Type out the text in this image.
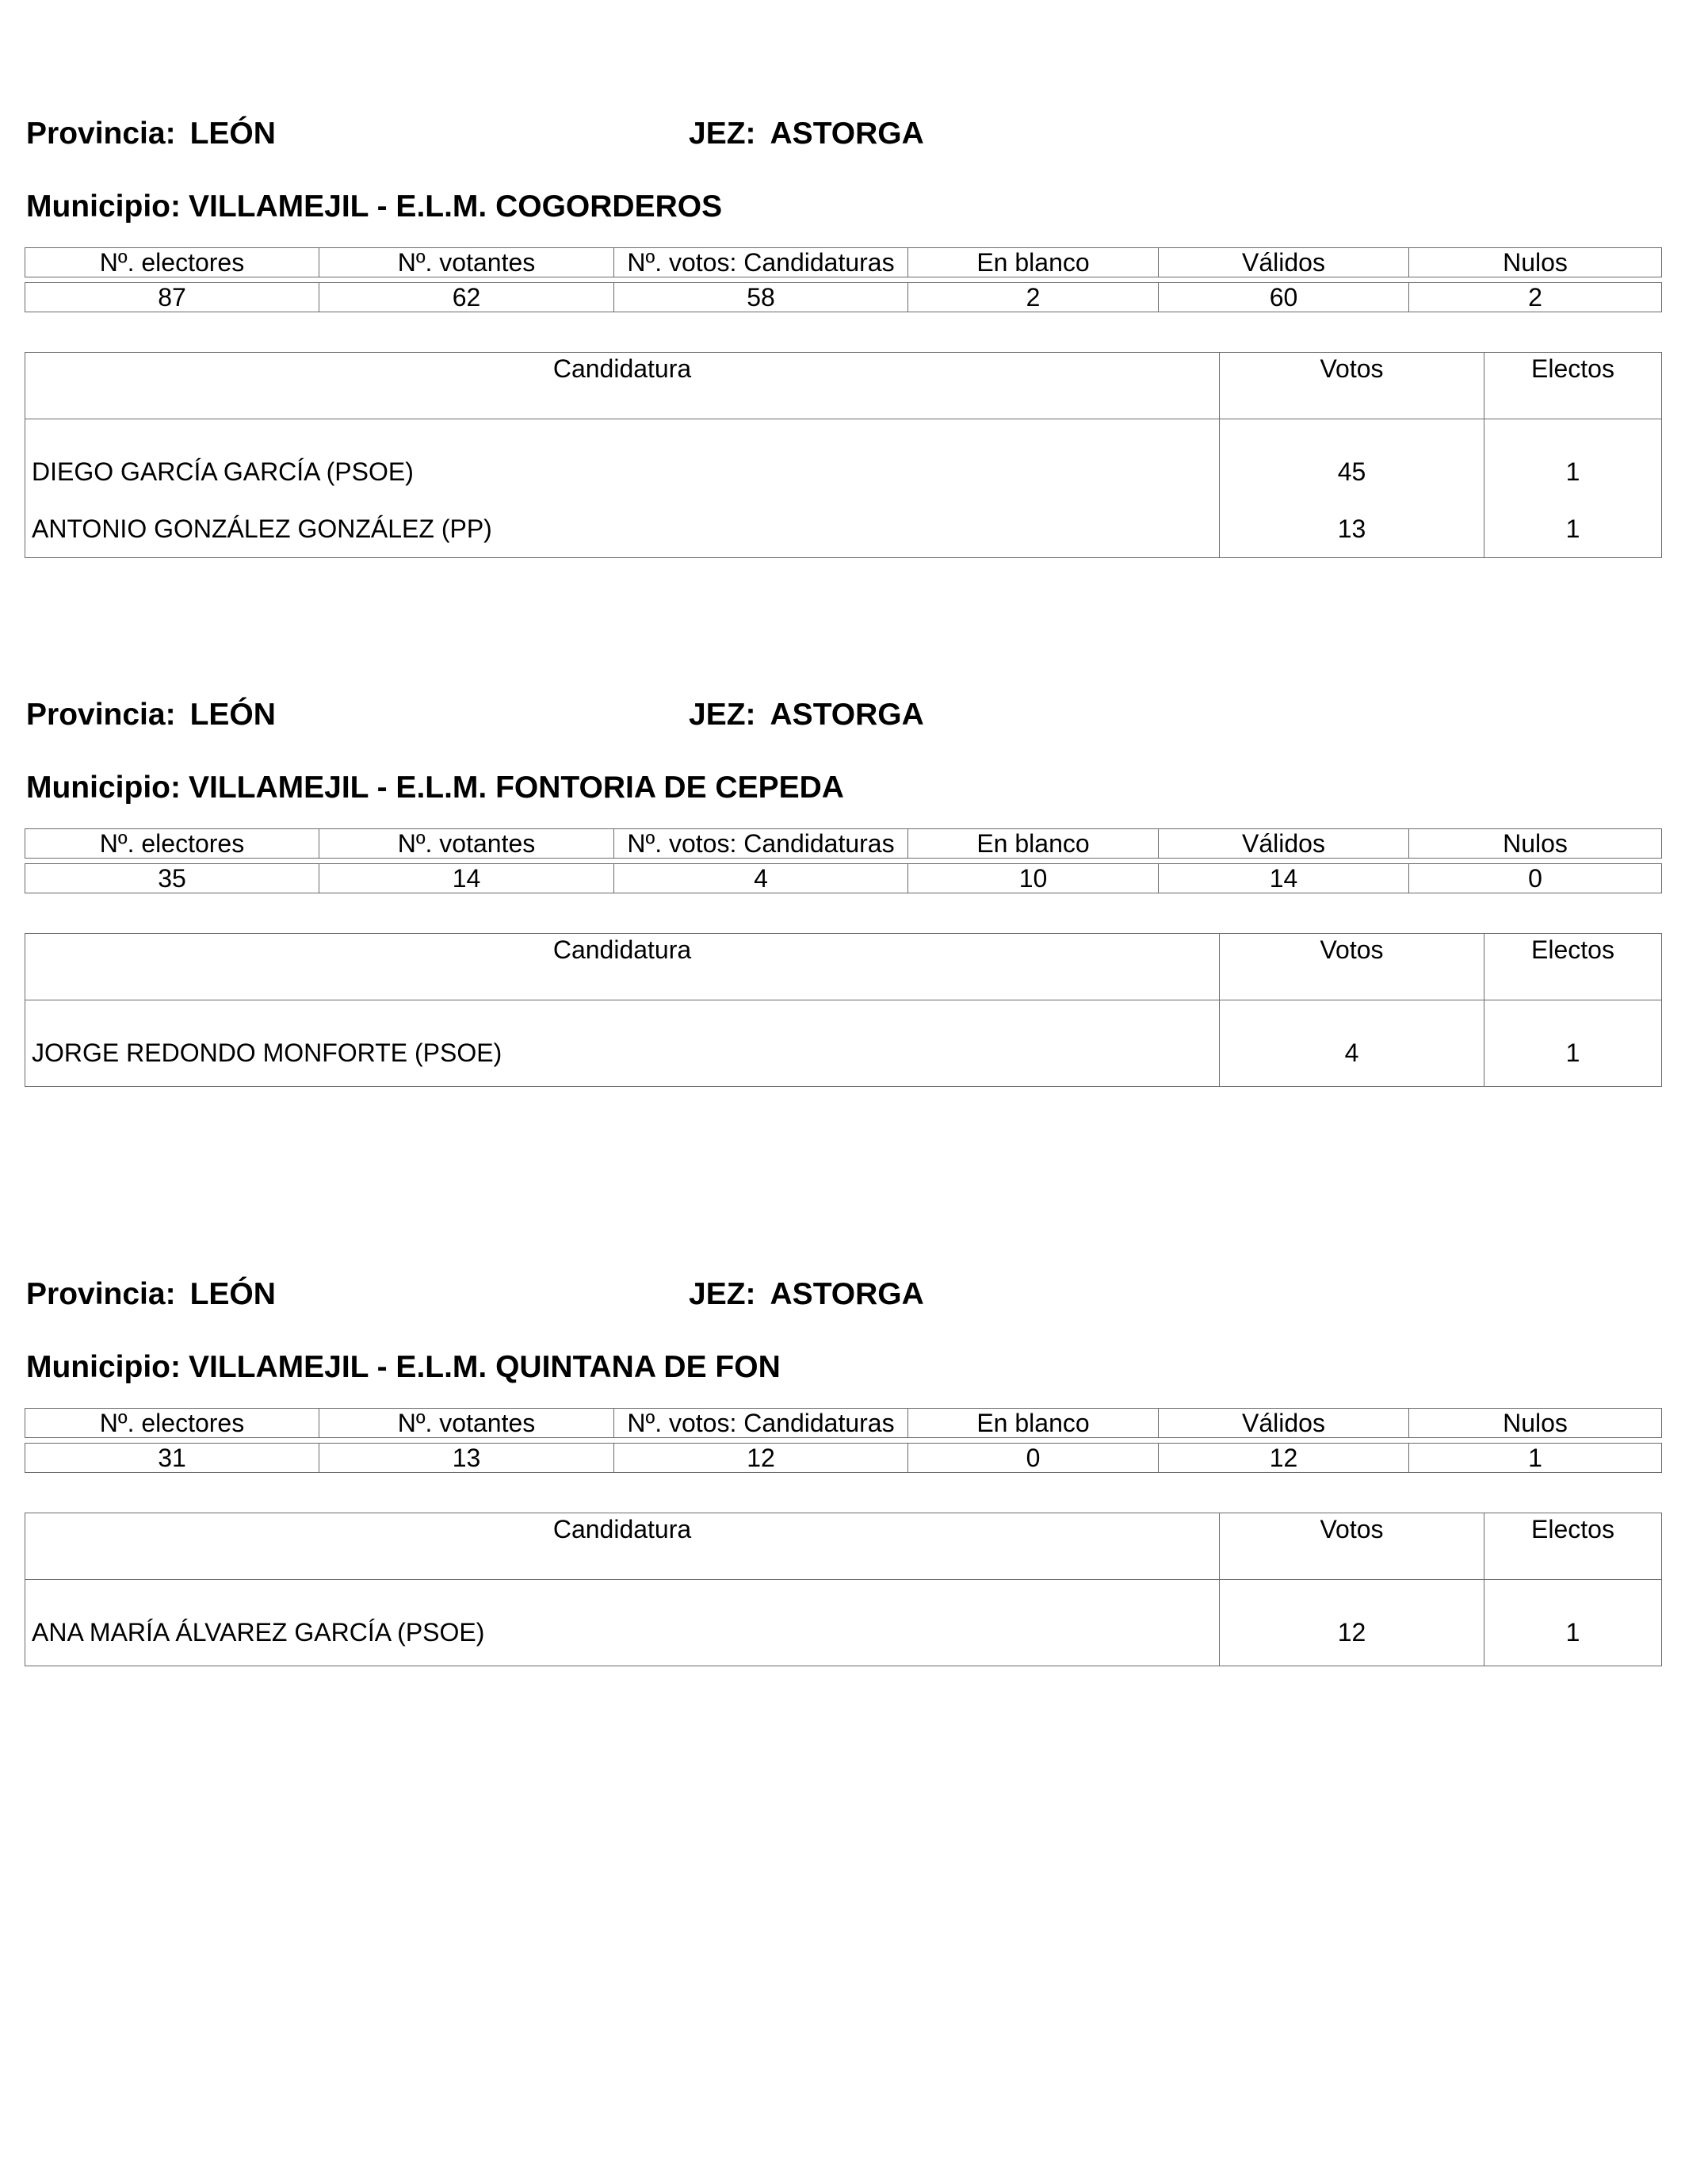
Provincia: LEÓN	JEZ: ASTORGA
Municipio: VILLAMEJIL - E.L.M. COGORDEROS
Nº. electores	Nº. votantes	Nº. votos: Candidaturas	En blanco	Válidos	Nulos

87	62	58	2	60	2
Candidatura	Votos	Electos
DIEGO GARCÍA GARCÍA (PSOE)	45	1
ANTONIO GONZÁLEZ GONZÁLEZ (PP)	13	1
Provincia: LEÓN	JEZ: ASTORGA
Municipio: VILLAMEJIL - E.L.M. FONTORIA DE CEPEDA
Nº. electores	Nº. votantes	Nº. votos: Candidaturas	En blanco	Válidos	Nulos

35	14	4	10	14	0
Candidatura	Votos	Electos
JORGE REDONDO MONFORTE (PSOE)	4	1
Provincia: LEÓN	JEZ: ASTORGA
Municipio: VILLAMEJIL - E.L.M. QUINTANA DE FON
Nº. electores	Nº. votantes	Nº. votos: Candidaturas	En blanco	Válidos	Nulos

31	13	12	0	12	1
Candidatura	Votos	Electos
ANA MARÍA ÁLVAREZ GARCÍA (PSOE)	12	1
